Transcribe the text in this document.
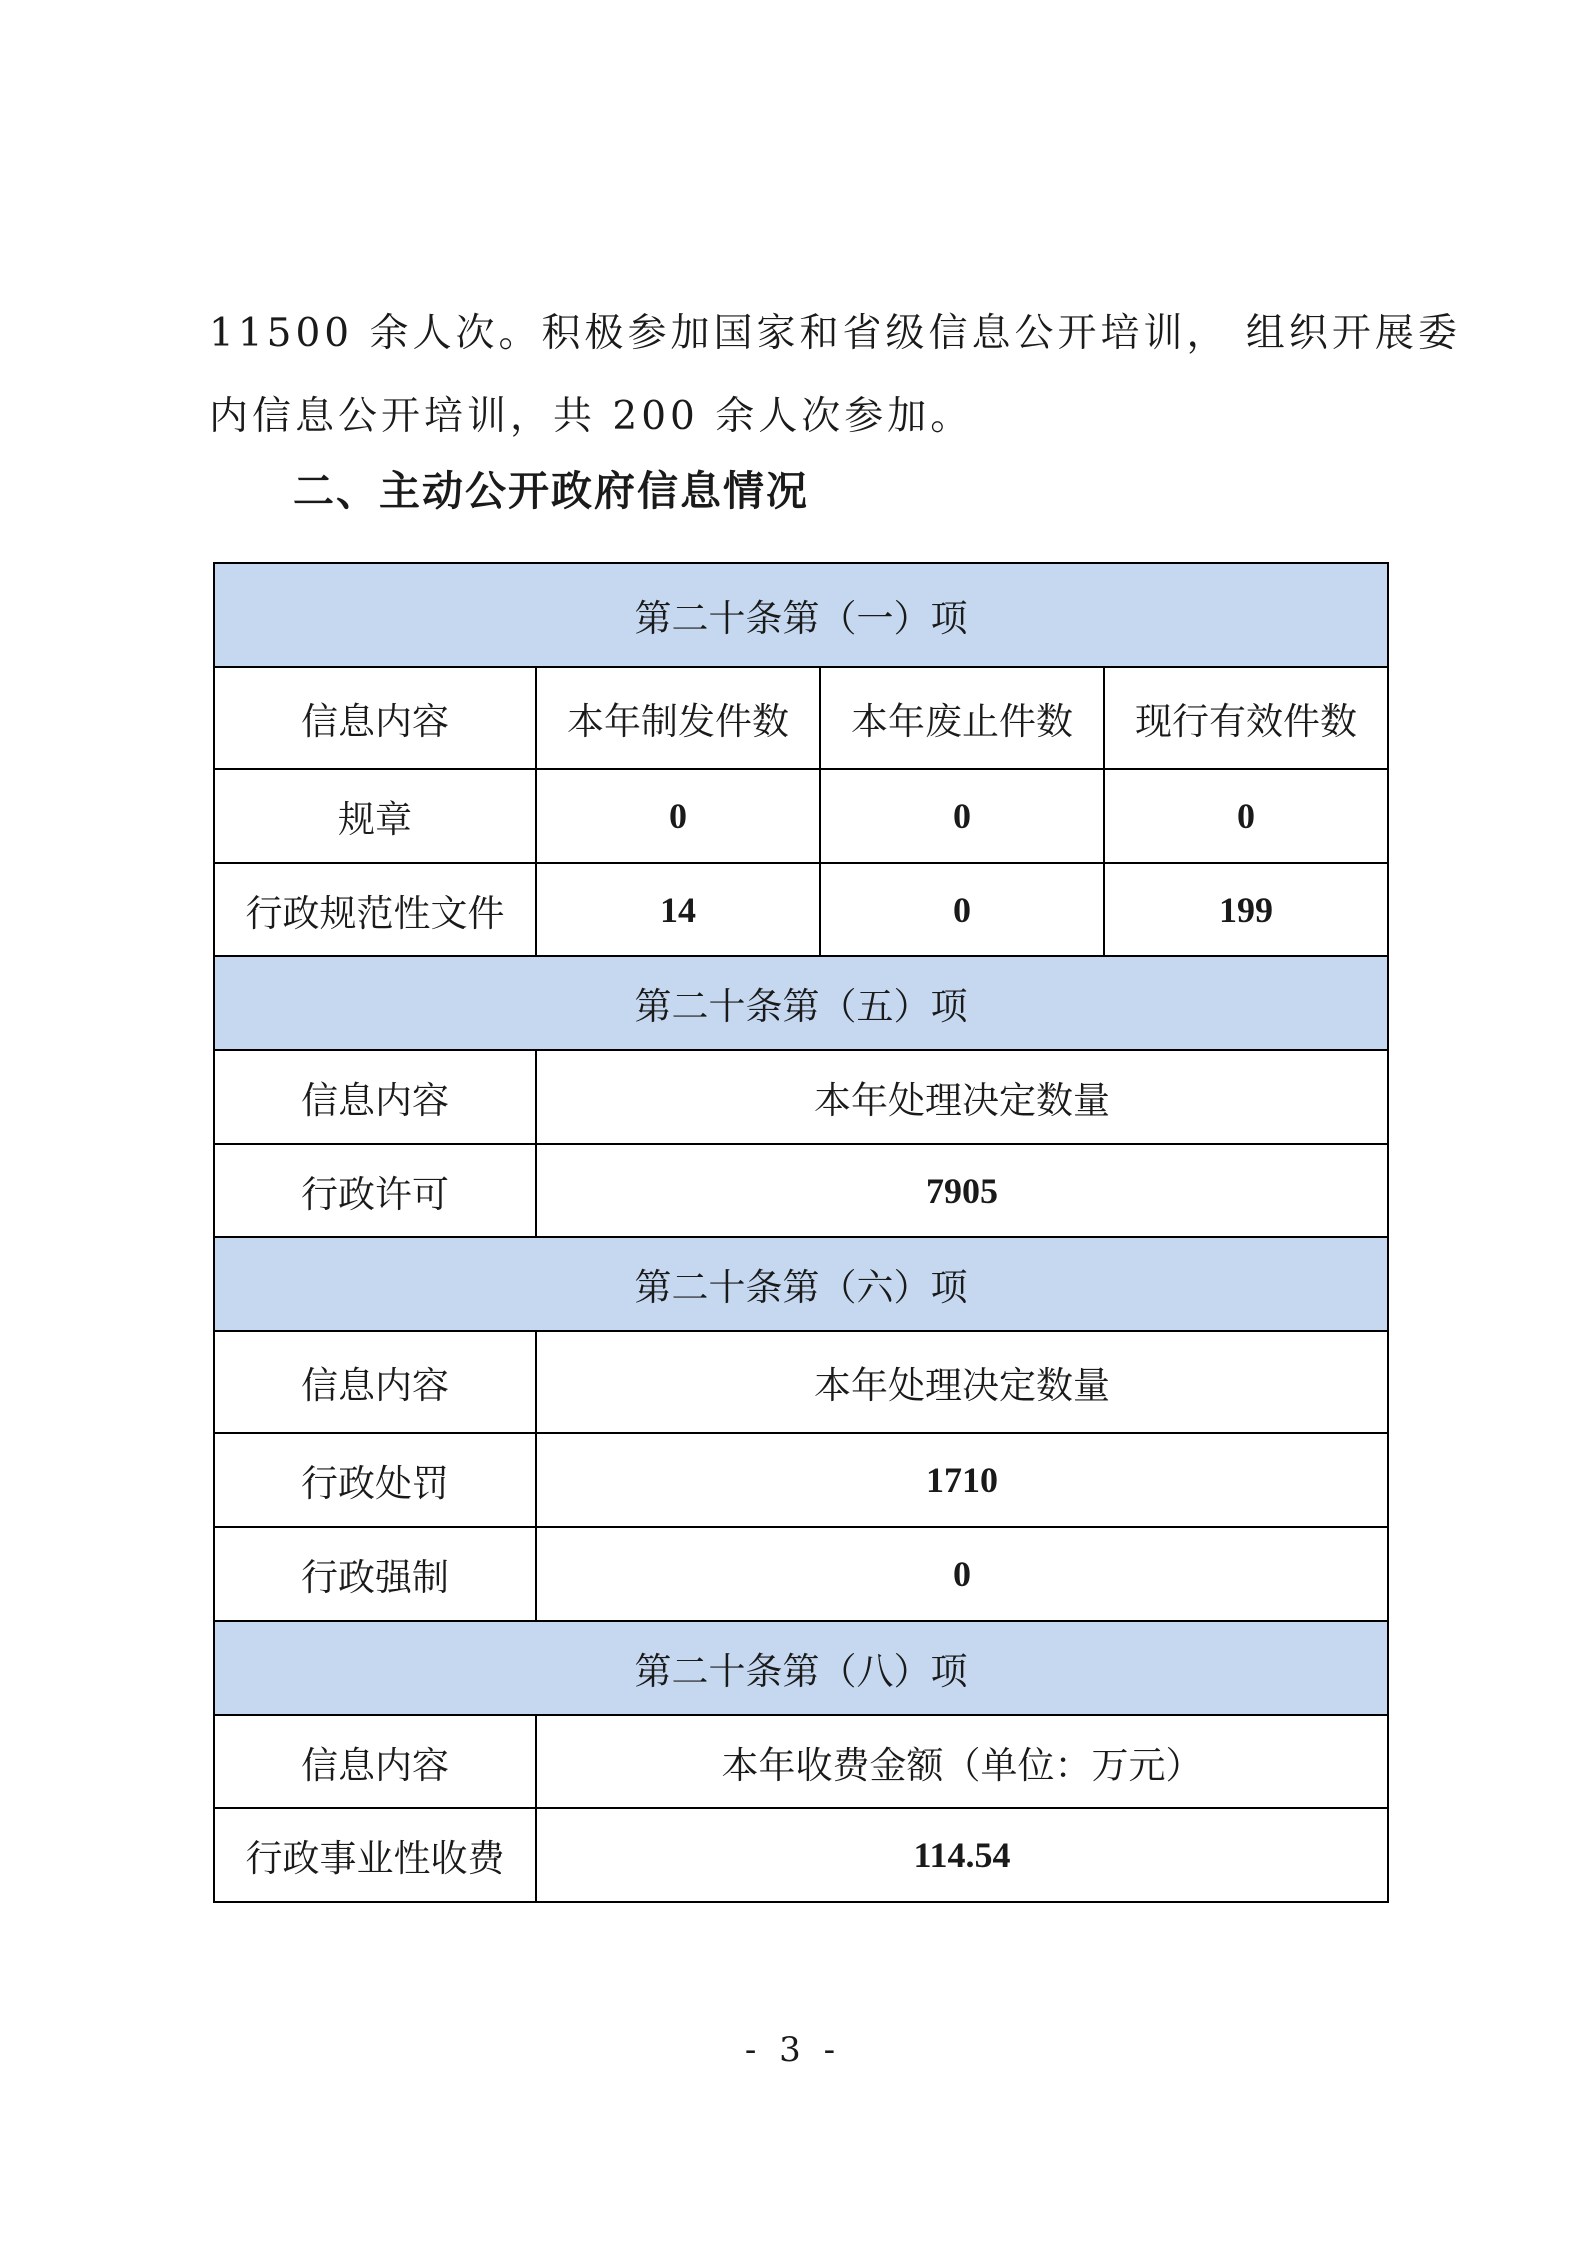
11500 余人次。积极参加国家和省级信息公开培训， 组织开展委
内信息公开培训，共 200 余人次参加。
二、主动公开政府信息情况
第二十条第（一）项			
信息内容	本年制发件数	本年废止件数	现行有效件数
规章	0	0	0
行政规范性文件	14	0	199
第二十条第（五）项			
信息内容	本年处理决定数量		
行政许可	7905		
第二十条第（六）项			
信息内容	本年处理决定数量		
行政处罚	1710		
行政强制	0		
第二十条第（八）项			
信息内容	本年收费金额（单位：万元）		
行政事业性收费	114.54		
- 3 -
